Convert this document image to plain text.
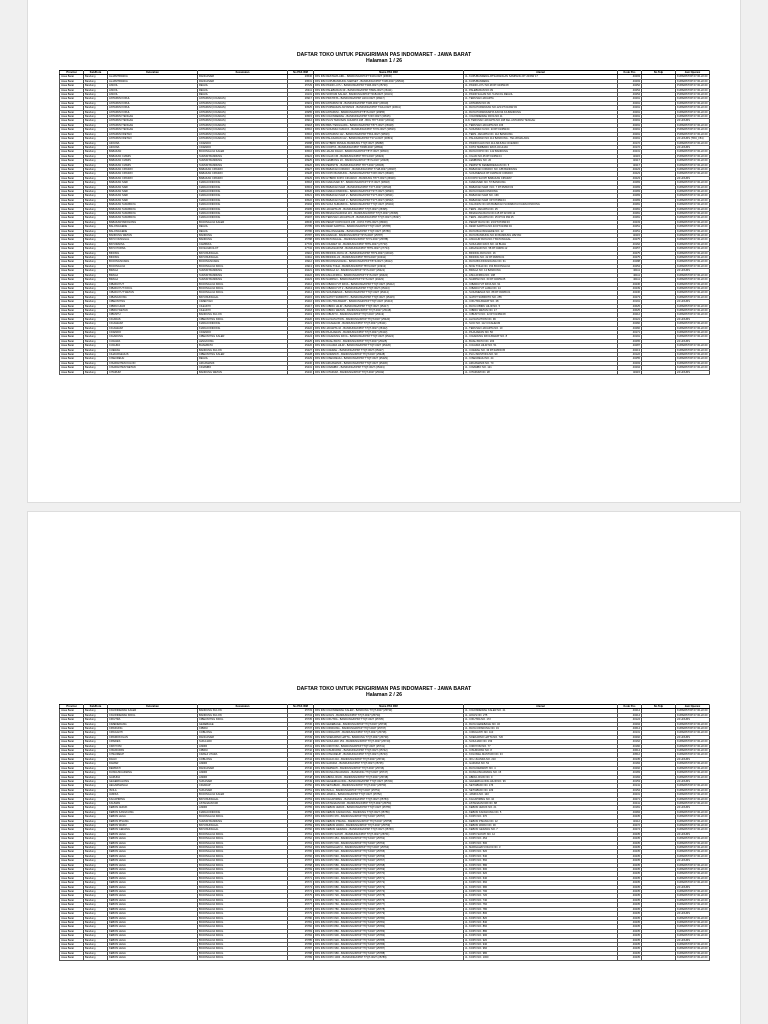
DAFTAR TOKO UNTUK PENGIRIMAN PAS INDOMARET - JAWA BARAT
Halaman 1 / 26
Provinsi	Kab/Kota	Kelurahan	Kecamatan	No PAS IDM	Nama PAS IDM	Alamat	Kode Pos	No Telp	Jam Operasi
Jawa Barat	Bandung	ALJAMTRASKA	RANCASARI	29530	PAS IDM RESTAMA AIRL - BANDUNG/KPKP T3109-0027 (29530)	JL. KUPUBANDENG-RTSARANGAN SAMPANG RT 20/RW 17	40293		KUPERSTOP 07.00-22.00
Jawa Barat	Bandung	ALJAMTRASKA	RANCASARI	29531	PAS IDM KUPUBANDUNG SARISET - BANDUNG/KPKP T31B-0027 (29530)	JL. KUPUBANDENG	40293		KUPERSTOP 07.00-22.00
Jawa Barat	Bandung	ANCOL	REGOL	25729	PAS IDM PASIR LUYU - BANDUNG/KPKP T31B-0027 (25729)	JL. PASIR LUYU NO.28 RT.04/RW.08	40252		PUPERSTOP 07.00-22.00
Jawa Barat	Bandung	ANCOL	REGOL	26411	PAS IDM PALEBURAN 39 - BANDUNG/KPKP T8WH-0027 (26411)	JL. PALEBURAN NO.39	40254		KUPERSTOP 07.00-22.00
Jawa Barat	Bandung	ANCOL	REGOL	19131	PAS IDM SORYAM SALAM - BANDUNG/KPKP T31B-0027 (19131)	JL. PASIR SALAM NO. 5 ANCOL REGOL	40254		PUPERSTOP 07.00-22.00
Jawa Barat	Bandung	ANTAPANI KIDUL	ANTAPANI (CICADAS)	26917	PAS IDM PRATISTA - BANDUNG/KPKP H1K3-0027 (26917)	JL. TERUSAN JAKARTA	40291		KUPERSTOP 07.00-22.00
Jawa Barat	Bandung	ANTAPANI KIDUL	ANTAPANI (CICADAS)	26919	PAS IDM ANTAPANI 39 - BANDUNG/KPKP T31B-0027 (26919)	JL. ANTAPANI NO.39	40291		KUPERSTOP 07.00-22.00
Jawa Barat	Bandung	ANTAPANI KIDUL	ANTAPANI (CICADAS)	30525	PAS IDM PURWAKAN ANTAPANI - BANDUNG/KPKP T3UH-0027 (23641)	JL. RAYA PURWAKAN NO.123 RT.01/RW.03	40291		KUPERSTOP 07.00-22.00
Jawa Barat	Bandung	ANTAPANI KIDUL	ANTAPANI (CICADAS)	26955	PAS IDM ANTAPANI - BANDUNG/KPKP T8YS-0027 (26955)	JL. RAYA PURWAKARTA KAV.94 KA BANDUNG	40291		KUPERSTOP 07.00-22.00
Jawa Barat	Bandung	ANTAPANI TENGAH	ANTAPANI (CICADAS)	30515	PAS IDM CIGONDEWAH - BANDUNG/KPKP T2DY-0027 (30515)	JL. CIGONDEWAH RAYA NO.11	40291		KUPERSTOP 07.00-22.00
Jawa Barat	Bandung	ANTAPANI TENGAH	ANTAPANI (CICADAS)	26912	PAS IDM PLUS TERUSAN JAKARTA 108 - BDG T8YT-0027 (26912)	JLN. TERUSAN JAKARTA NO.108 KEL ANTAPANI TENGAH	40291		24 HOURS
Jawa Barat	Bandung	ANTAPANI TENGAH	ANTAPANI (CICADAS)	26918	PAS IDM BIRU TENGGARA - BANDUNG/KPKP T8YT-0027 (26918)	JL. TERUSAN JAKARTA NO.106	40291		KUPERSTOP 07.00-22.00
Jawa Barat	Bandung	ANTAPANI TENGAH	ANTAPANI (CICADAS)	30516	PAS IDM SUKAMULYA/RAYA - BANDUNG/KPKP T3YN-0027 (30516)	JL. SUKAMULYA NO. 23 RT.01/RW.04	40291		PUPERSTOP 07.00-22.00
Jawa Barat	Bandung	ANTAPANI WETAN	ANTAPANI (CICADAS)	30516	PAS IDM ANTAPANI 112 - BANDUNG/KPKP T5K4-0027 (30516)	JL. TERS. JAKARTA NO. 112 BANDUNG	40291		PUPERSTOP 07.00-22.00
Jawa Barat	Bandung	ANTAPANI WETAN	ANTAPANI (CICADAS)	30519	PAS IDM PALASARAN 112 - BANDUNG/KPKP T3YH-0027 (30519)	JL. PALASARAN NO.112 BANDUNG - TELUKMALANG	40291		24 HOURS (TRU_F81)
Jawa Barat	Bandung	ARJUNA	CICENDO	25688	PAS IDM HYBRID PASKAL BANDUNG T7QT-0027 (25688)	JL. PASIR KALIKI NO.112 ARJUNA CICENDO	40172		KUPERSTOP 07.00-22.00
Jawa Barat	Bandung	ARJUNA	CICENDO	28694	PAS IDM CICIPTA - BANDUNG/KPKP TW3B-0027 (28694)	JL. KOTA TERBARU RAYA 34 HIJAU	40172		24 HOURS
Jawa Barat	Bandung	BABAKAN	BOJONGLOA KALER	30516	PAS IDM JALAN DAGO - BANDUNG/KPKP T8YT-0027 (30516)	JL. RAYA KOPO NO. 142 BANDUNG	40231		KUPERSTOP 07.00-22.00
Jawa Barat	Bandung	BABAKAN CIAMIS	SUMUR BANDUNG	26924	PAS IDM CILAKI 45 - BANDUNG/KPKP T8Y3-0027 (26924)	JL. CILAKI NO.45 RT.01/RW.04	40115		PUPERSTOP 07.00-22.00
Jawa Barat	Bandung	BABAKAN CIAMIS	SUMUR BANDUNG	26925	PAS IDM LEMBONG 20 - BANDUNG/KPKP T8YS-0027 (26925)	JL. LEMBONG NO. 20	40117		KUPERSTOP 07.00-22.00
Jawa Barat	Bandung	BABAKAN CIAMIS	SUMUR BANDUNG	26926	PAS IDM PERINTIS - BANDUNG/KPKP T8YT-0027 (26926)	JL. PERINTIS KEMERDEKAAN NO. 5	40117		KUPERSTOP 07.00-22.00
Jawa Barat	Bandung	BABAKAN CIPARAY	BABAKAN CIPARAY	26927	PAS IDM BABAKAN CIPARAY - BANDUNG/KPKP T7H8-0027 (26927)	JL. BABAKAN CIPARAY NO. 188 BANDUNG	40223		KUPERSTOP 07.00-22.00
Jawa Barat	Bandung	BABAKAN CIPARAY	BABAKAN CIPARAY	26928	PAS IDM KOPO BANDUNG - BANDUNG/KPKP T2RY-0027 (26928)	JL. SUKAMENAK RT.01/RW.03 CIPARAY	40223		KUPERSTOP 07.00-22.00
Jawa Barat	Bandung	BABAKAN CIPARAY	BABAKAN CIPARAY	26929	PAS IDM HYBRID KOPO CIKAWAO - BANDUNG T8YT-0027 (26929)	JLN KOPO SAYATI BABAKAN CIPARAY	40223		24 HOURS
Jawa Barat	Bandung	BABAKAN SARI	KIARACONDONG	30518	PAS IDM KIARASARI 57 - BANDUNG/KPKP T3YT-0027 (30518)	JL. KIARASARI NO. 57 BANDUNG	40283		KUPERSTOP 07.00-22.00
Jawa Barat	Bandung	BABAKAN SARI	KIARACONDONG	30519	PAS IDM BABAKAN SARI - BANDUNG/KPKP T3YT-0027 (30519)	JL. BABAKAN SARI I NO. 7 RT.05/RW.03	40283		KUPERSTOP 07.00-22.00
Jawa Barat	Bandung	BABAKAN SARI	KIARACONDONG	30520	PAS IDM KIARACONDONG - BANDUNG/KPKP T3YT-0027 (30520)	JL. RAYA KIARACONDONG	40283		KUPERSTOP 07.00-22.00
Jawa Barat	Bandung	BABAKAN SARI	KIARACONDONG	30521	PAS IDM BABAKAN SARI 2 - BANDUNG/KPKP T3YT-0027 (30521)	JL. BABAKAN SARI NO. 169	40283		KUPERSTOP 07.00-22.00
Jawa Barat	Bandung	BABAKAN SARI	KIARACONDONG	30522	PAS IDM BABAKAN SARI 3 - BANDUNG/KPKP T3YT-0027 (30522)	JL. BABAKAN SARI I RT.07/RW.04	40283		KUPERSTOP 07.00-22.00
Jawa Barat	Bandung	BABAKAN SURABAYA	KIARACONDONG	25394	PAS IDM SUKA SURABAYA - BANDUNG/KPKP T7QT-0027 (25394)	JL. KALIASIN NO.106 BABAKAN SURABAYA KIARACONDONG	40281		KUPERSTOP 07.00-22.00
Jawa Barat	Bandung	BABAKAN SURABAYA	KIARACONDONG	25395	PAS IDM JAKARTA 25 - BANDUNG/KPKP T7QT-0027 (25395)	JL. TERS. JAKARTA NO. 25	40281		KUPERSTOP 07.00-22.00
Jawa Barat	Bandung	BABAKAN SURABAYA	KIARACONDONG	25396	PAS IDM BINAGUNADONA 115 - BANDUNG/KPKP T7QT-0027 (25396)	JL. BINAGUNA RAYA NO.115 RT.02 RW.12	40281		KUPERSTOP 07.00-22.00
Jawa Barat	Bandung	BABAKAN SURABAYA	KIARACONDONG	25397	PAS IDM TERUSAN JAKARTA 25 - BANDUNG/KPKP T7QT-0027 (25397)	JL. TERS. JAKARTA NO. 25 RT.02 RW.15	40281		KUPERSTOP 07.00-22.00
Jawa Barat	Bandung	BABAKANTAROGONG	BOJONGLOA KALER	28630	PAS IDM PEDAT KOPO RAYA 135 - KOTA T3TN-0027 (28630)	JL. PEDAT RAYA NO. 23 RT.07/RW.03	40233		KUPERSTOP 07.00-22.00
Jawa Barat	Bandung	BALONGGEDE	REGOL	25785	PAS IDM DEWI SARTIKA - BANDUNG/KPKP T7QT-0027 (25785)	JL. DEWI SARTIKA NO.40 RT.01/RW.04	40251		KUPERSTOP 07.00-22.00
Jawa Barat	Bandung	BALONGGEDE	REGOL	25786	PAS IDM BALONGGEDE - BANDUNG/KPKP T7QT-0027 (25786)	JL. RAYA BALONGGEDE NO. 12	40251		KUPERSTOP 07.00-22.00
Jawa Barat	Bandung	BANDUNG WETAN	BANDUNG	25787	PAS IDM ANAKAR - BANDUNG/KPKP T3YS-0027 (25787)	JL. RAYA BANDUNG NO.30 BANDUNG WETAN	40115		KUPERSTOP 07.00-22.00
Jawa Barat	Bandung	BATU NUNGGAL	BANDUNG	25788	PAS IDM BATUNGGAL - BANDUNG/KPKP T3YS-0027 (25788)	JL. ANGGUR RAYA NO.7 BATUNGGAL	40275		KUPERSTOP 07.00-22.00
Jawa Barat	Bandung	BATURAKSA	CAMPAKA	27733	PAS IDM CIKARET 02 - BANDUNG/KPKP T8TN-0027 (27733)	JL. SUKAJADI RAYA NO. 44 BUAH	40162		KUPERSTOP 07.00-22.00
Jawa Barat	Bandung	BATU PURNA	DAYEUHKOLOT	27734	PAS IDM ARGASARI 58 - BANDUNG/KPKP T8TN-0027 (27734)	JL. ARGASARI NO. 58 RT.04/RW.12	40257		KUPERSTOP 07.00-22.00
Jawa Barat	Bandung	BINONG	BATUNUNGGAL	16910	PAS IDM BINONG RAYA 16 - BANDUNG/KPKP T8Y9-0027 (16910)	JL. BINONG RAYA NO. 16	40275		KUPERSTOP 07.00-22.00
Jawa Barat	Bandung	BINONG	BATUNUNGGAL	16911	PAS IDM BINONG 22 - BANDUNG/KPKP T8Y9-0027 (16911)	JL. BINONG NO. 22 RT.06/RW.01	40275		KUPERSTOP 07.00-22.00
Jawa Barat	Bandung	BOJONGSOANG	BOJONGSOANG	16912	PAS IDM BOJONGSOANG - BANDUNG/KPKP T8Y9-0027 (16912)	JL. RAYA BOJONGSOANG NO. 61	40288		KUPERSTOP 07.00-22.00
Jawa Barat	Bandung	BOJONGLOA	BOJONGLOA KIDUL	16913	PAS IDM MOH TOHA - BANDUNG/KPKP T8Y9-0027 (16913)	JL. MOH TOHA NO. 154 BOJONGLOA	40254		KUPERSTOP 07.00-22.00
Jawa Barat	Bandung	BRAGA	SUMUR BANDUNG	29421	PAS IDM BRAGA 12 - BANDUNG/KPKP T3YS-0027 (29421)	JL. BRAGA NO. 12 BANDUNG	40111		24 HOURS
Jawa Barat	Bandung	BRAGA	SUMUR BANDUNG	29422	PAS IDM ASIA AFRIKA - BANDUNG/KPKP T3YS-0027 (29422)	JL. ASIA AFRIKA NO. 108	40111		KUPERSTOP 07.00-22.00
Jawa Barat	Bandung	BRAGA	SUMUR BANDUNG	29423	PAS IDM NARIPAN - BANDUNG/KPKP T3YS-0027 (29423)	JL. NARIPAN NO. 60 RT.02/RW.05	40111		KUPERSTOP 07.00-22.00
Jawa Barat	Bandung	CIBADUYUT	BOJONGLOA KIDUL	25412	PAS IDM CIBADUYUT RAYA - BANDUNG/KPKP T7QT-0027 (25412)	JL. CIBADUYUT RAYA NO. 91	40236		KUPERSTOP 07.00-22.00
Jawa Barat	Bandung	CIBADUYUT KIDUL	BOJONGLOA KIDUL	25413	PAS IDM CIBADUYUT 2 - BANDUNG/KPKP T7QT-0027 (25413)	JL. CIBADUYUT LAMA NO. 14	40239		KUPERSTOP 07.00-22.00
Jawa Barat	Bandung	CIBADUYUT WETAN	BOJONGLOA KIDUL	25414	PAS IDM SUKAMENAK - BANDUNG/KPKP T7QT-0027 (25414)	JL. SUKAMENAK NO. 88 RT.03/RW.01	40236		KUPERSTOP 07.00-22.00
Jawa Barat	Bandung	CIBANGKONG	BATUNUNGGAL	25415	PAS IDM GATOT SUBROTO - BANDUNG/KPKP T7QT-0027 (25415)	JL. GATOT SUBROTO NO. 255	40273		KUPERSTOP 07.00-22.00
Jawa Barat	Bandung	CIBEUNYING	CIMENYAN	25416	PAS IDM CIKUTRA BARAT - BANDUNG/KPKP T7QT-0027 (25416)	JL. CIKUTRA BARAT NO. 28	40191		24 HOURS
Jawa Barat	Bandung	CIBIRU HILIR	CILEUNYI	25417	PAS IDM CIBIRU HILIR - BANDUNG/KPKP T7QT-0027 (25417)	JL. RAYA CIBIRU HILIR NO. 5	40625		KUPERSTOP 07.00-22.00
Jawa Barat	Bandung	CIBIRU WETAN	CILEUNYI	25418	PAS IDM CIBIRU WETAN - BANDUNG/KPKP T7QT-0027 (25418)	JL. CIBIRU WETAN NO. 17	40625		KUPERSTOP 07.00-22.00
Jawa Barat	Bandung	CIBUNTU	BANDUNG KULON	25419	PAS IDM CIBUNTU - BANDUNG/KPKP T7QT-0027 (25419)	JL. CIBUNTU NO. 22 RT.01/RW.08	40212		KUPERSTOP 07.00-22.00
Jawa Barat	Bandung	CICADAS	CIBEUNYING KIDUL	25420	PAS IDM AH NASUTION - BANDUNG/KPKP T7QT-0027 (25420)	JL. AH NASUTION NO. 99	40121		24 HOURS
Jawa Barat	Bandung	CICAHEUM	KIARACONDONG	25421	PAS IDM CICAHEUM - BANDUNG/KPKP T7QT-0027 (25421)	JL. SUCI NO. 112 CICAHEUM	40282		KUPERSTOP 07.00-22.00
Jawa Barat	Bandung	CICAHEUM	KIARACONDONG	25422	PAS IDM JAKARTA 10 - BANDUNG/KPKP T7QT-0027 (25422)	JL. TERUSAN JAKARTA NO. 10	40282		KUPERSTOP 07.00-22.00
Jawa Barat	Bandung	CICENDO	CICENDO	25423	PAS IDM PAJAJARAN - BANDUNG/KPKP T7QT-0027 (25423)	JL. PAJAJARAN NO. 56	40171		KUPERSTOP 07.00-22.00
Jawa Barat	Bandung	CIGADUNG	CIBEUNYING KALER	25424	PAS IDM CIGADUNG RAYA - BANDUNG/KPKP T7QT-0027 (25424)	JL. CIGADUNG RAYA BARAT NO. 8	40191		KUPERSTOP 07.00-22.00
Jawa Barat	Bandung	CIJAGRA	LENGKONG	25425	PAS IDM BUAH BATU - BANDUNG/KPKP T7QT-0027 (25425)	JL. BUAH BATU NO. 203	40265		24 HOURS
Jawa Barat	Bandung	CIJAURA	BUAHBATU	25426	PAS IDM CIJAURA HILIR - BANDUNG/KPKP T7QT-0027 (25426)	JL. CIJAURA HILIR NO. 51	40287		KUPERSTOP 07.00-22.00
Jawa Barat	Bandung	CIJERAH	BANDUNG KULON	25427	PAS IDM CIJERAH - BANDUNG/KPKP T7QT-0027 (25427)	JL. CIJERAH NO. 33 RT.02/RW.05	40213		KUPERSTOP 07.00-22.00
Jawa Barat	Bandung	CIHAURGEULIS	CIBEUNYING KALER	25428	PAS IDM SURAPATI - BANDUNG/KPKP T7QT-0027 (25428)	JL. PH H MUSTOFA NO. 90	40122		KUPERSTOP 07.00-22.00
Jawa Barat	Bandung	CISEUREUH	REGOL	25429	PAS IDM CISEUREUH - BANDUNG/KPKP T7QT-0027 (25429)	JL. CISEUREUH NO. 44	40255		KUPERSTOP 07.00-22.00
Jawa Barat	Bandung	CISARANTEN KULON	ARCAMANIK	25430	PAS IDM ARCAMANIK - BANDUNG/KPKP T7QT-0027 (25430)	JL. ARCAMANIK NO. 70	40293		KUPERSTOP 07.00-22.00
Jawa Barat	Bandung	CISARANTEN WETAN	CINAMBO	25431	PAS IDM CINAMBO - BANDUNG/KPKP T7QT-0027 (25431)	JL. CINAMBO NO. 121	40294		KUPERSTOP 07.00-22.00
Jawa Barat	Bandung	CITARUM	BANDUNG WETAN	25432	PAS IDM CITARUM - BANDUNG/KPKP T7QT-0027 (25432)	JL. CITARUM NO. 28	40115		24 HOURS
DAFTAR TOKO UNTUK PENGIRIMAN PAS INDOMARET - JAWA BARAT
Halaman 2 / 26
Provinsi	Kab/Kota	Kelurahan	Kecamatan	No PAS IDM	Nama PAS IDM	Alamat	Kode Pos	No Telp	Jam Operasi
Jawa Barat	Bandung	CIGONDEWAH KALER	BANDUNG KULON	25733	PAS IDM CIGONDEWAH KALER - BANDUNG T7QT-0027 (25733)	JL. CIGONDEWAH KALER NO. 41	40214		KUPERSTOP 07.00-22.00
Jawa Barat	Bandung	CIGONDEWAH KIDUL	BANDUNG KULON	25734	PAS IDM HOLIS - BANDUNG/KPKP T7QT-0027 (25734)	JL. HOLIS NO. 275	40214		KUPERSTOP 07.00-22.00
Jawa Barat	Bandung	CIKUTRA	CIBEUNYING KIDUL	25735	PAS IDM CIKUTRA - BANDUNG/KPKP T7QT-0027 (25735)	JL. CIKUTRA NO. 172	40124		24 HOURS
Jawa Barat	Bandung	CIMENERANG	GEDEBAGE	25736	PAS IDM GEDEBAGE - BANDUNG/KPKP T7QT-0027 (25736)	JL. RAYA GEDEBAGE NO. 32	40294		KUPERSTOP 07.00-22.00
Jawa Barat	Bandung	CIPADUNG	CIBIRU	25737	PAS IDM CIPADUNG - BANDUNG/KPKP T7QT-0027 (25737)	JL. RAYA CIPADUNG NO. 19	40614		KUPERSTOP 07.00-22.00
Jawa Barat	Bandung	CIPAGANTI	COBLONG	25738	PAS IDM CIPAGANTI - BANDUNG/KPKP T7QT-0027 (25738)	JL. CIPAGANTI NO. 110	40131		KUPERSTOP 07.00-22.00
Jawa Barat	Bandung	CIPAMOKOLAN	RANCASARI	25739	PAS IDM SOEKARNO HATTA - BANDUNG T7QT-0027 (25739)	JL. SOEKARNO HATTA NO. 720	40292		24 HOURS
Jawa Barat	Bandung	CIPEDES	SUKAJADI	25740	PAS IDM SUKAJADI 153 - BANDUNG/KPKP T7QT-0027 (25740)	JL. SUKAJADI NO. 153	40162		KUPERSTOP 07.00-22.00
Jawa Barat	Bandung	CIROYOM	ANDIR	25741	PAS IDM CIROYOM - BANDUNG/KPKP T7QT-0027 (25741)	JL. CIROYOM NO. 77	40182		KUPERSTOP 07.00-22.00
Jawa Barat	Bandung	CISURUPAN	CIBIRU	25742	PAS IDM CISURUPAN - BANDUNG/KPKP T7QT-0027 (25742)	JL. CISURUPAN NO. 8	40614		KUPERSTOP 07.00-22.00
Jawa Barat	Bandung	CITEUREUP	CIMAHI UTARA	25743	PAS IDM CITEUREUP - BANDUNG/KPKP T7QT-0027 (25743)	JL. KOLONEL MASTURI NO. 33	40512		KUPERSTOP 07.00-22.00
Jawa Barat	Bandung	DAGO	COBLONG	25744	PAS IDM DAGO 210 - BANDUNG/KPKP T7QT-0027 (25744)	JL. IR H JUANDA NO. 210	40135		24 HOURS
Jawa Barat	Bandung	DAMAR	ANDIR	25745	PAS IDM GARUDA - BANDUNG/KPKP T7QT-0027 (25745)	JL. GARUDA NO. 52	40184		KUPERSTOP 07.00-22.00
Jawa Barat	Bandung	DERWATI	RANCASARI	25746	PAS IDM DERWATI - BANDUNG/KPKP T7QT-0027 (25746)	JL. RAYA DERWATI NO. 4	40292		KUPERSTOP 07.00-22.00
Jawa Barat	Bandung	DUNGUSCARIANG	ANDIR	25747	PAS IDM DUNGUSCARIANG - BANDUNG T7QT-0027 (25747)	JL. DUNGUSCARIANG NO. 15	40183		KUPERSTOP 07.00-22.00
Jawa Barat	Bandung	GARUDA	ANDIR	25748	PAS IDM ABDUL RIVAI - BANDUNG/KPKP T7QT-0027 (25748)	JL. ABDUL RIVAI NO. 9	40184		KUPERSTOP 07.00-22.00
Jawa Barat	Bandung	GEGERKALONG	SUKASARI	25749	PAS IDM GEGERKALONG - BANDUNG/KPKP T7QT-0027 (25749)	JL. GEGERKALONG HILIR NO. 96	40153		24 HOURS
Jawa Barat	Bandung	HEGARMANAH	CIDADAP	25750	PAS IDM SETIABUDI - BANDUNG/KPKP T7QT-0027 (25750)	JL. SETIABUDI NO. 176	40141		KUPERSTOP 07.00-22.00
Jawa Barat	Bandung	ISOLA	SUKASARI	25751	PAS IDM ISOLA - BANDUNG/KPKP T7QT-0027 (25751)	JL. SETIABUDI NO. 229	40154		KUPERSTOP 07.00-22.00
Jawa Barat	Bandung	JAMIKA	BOJONGLOA KALER	25752	PAS IDM JAMIKA - BANDUNG/KPKP T7QT-0027 (25752)	JL. JAMIKA NO. 140	40231		KUPERSTOP 07.00-22.00
Jawa Barat	Bandung	KACAPIRING	BATUNUNGGAL	25753	PAS IDM KACAPIRING - BANDUNG/KPKP T7QT-0027 (25753)	JL. KACAPIRING NO. 10	40271		KUPERSTOP 07.00-22.00
Jawa Barat	Bandung	KAUMAN	ASTANAANYAR	25754	PAS IDM ASTANAANYAR - BANDUNG/KPKP T7QT-0027 (25754)	JL. ASTANAANYAR NO. 88	40241		KUPERSTOP 07.00-22.00
Jawa Barat	Bandung	KEBON JERUK	ANDIR	25755	PAS IDM KEBON JERUK - BANDUNG/KPKP T7QT-0027 (25755)	JL. KEBON JERUK NO. 21	40181		24 HOURS
Jawa Barat	Bandung	KEBON KANGKUNG	KIARACONDONG	25756	PAS IDM KEBON KANGKUNG - BANDUNG T7QT-0027 (25756)	JL. KEBON KANGKUNG NO. 5	40284		KUPERSTOP 07.00-22.00
Jawa Barat	Bandung	KEBON LEGA	BOJONGLOA KIDUL	25757	PAS IDM KOPO 370 - BANDUNG/KPKP T7QT-0027 (25757)	JL. KOPO NO. 370	40235		KUPERSTOP 07.00-22.00
Jawa Barat	Bandung	KEBON PISANG	SUMUR BANDUNG	25758	PAS IDM KEBON PISANG - BANDUNG/KPKP T7QT-0027 (25758)	JL. KEBON PISANG NO. 12	40112		KUPERSTOP 07.00-22.00
Jawa Barat	Bandung	KEBON WARU	BATUNUNGGAL	25759	PAS IDM KEBON WARU - BANDUNG/KPKP T7QT-0027 (25759)	JL. KEBON WARU NO. 30	40272		KUPERSTOP 07.00-22.00
Jawa Barat	Bandung	KEBON GEDANG	BATUNUNGGAL	25760	PAS IDM KEBON GEDANG - BANDUNG/KPKP T7QT-0027 (25760)	JL. KEBON GEDANG NO. 7	40274		KUPERSTOP 07.00-22.00
Jawa Barat	Bandung	KEBON LEGA	BOJONGLOA KIDUL	25761	PAS IDM KOPO SAYATI - BANDUNG/KPKP T7QT-0027 (25761)	JL. KOPO SAYATI NO. 12	40235		24 HOURS
Jawa Barat	Bandung	KEBON LEGA	BOJONGLOA KIDUL	25762	PAS IDM KOPO 454 - BANDUNG/KPKP T7QT-0027 (25762)	JL. KOPO NO. 454	40235		KUPERSTOP 07.00-22.00
Jawa Barat	Bandung	KEBON LEGA	BOJONGLOA KIDUL	25763	PAS IDM KOPO 500 - BANDUNG/KPKP T7QT-0027 (25763)	JL. KOPO NO. 500	40235		KUPERSTOP 07.00-22.00
Jawa Barat	Bandung	KEBON LEGA	BOJONGLOA KIDUL	25764	PAS IDM MARGAHAYU - BANDUNG/KPKP T7QT-0027 (25764)	JL. MARGAHAYU RAYA NO. 3	40235		KUPERSTOP 07.00-22.00
Jawa Barat	Bandung	KEBON LEGA	BOJONGLOA KIDUL	25765	PAS IDM KOPO 520 - BANDUNG/KPKP T7QT-0027 (25765)	JL. KOPO NO. 520	40235		KUPERSTOP 07.00-22.00
Jawa Barat	Bandung	KEBON LEGA	BOJONGLOA KIDUL	25766	PAS IDM KOPO 540 - BANDUNG/KPKP T7QT-0027 (25766)	JL. KOPO NO. 540	40235		KUPERSTOP 07.00-22.00
Jawa Barat	Bandung	KEBON LEGA	BOJONGLOA KIDUL	25767	PAS IDM KOPO 560 - BANDUNG/KPKP T7QT-0027 (25767)	JL. KOPO NO. 560	40235		24 HOURS
Jawa Barat	Bandung	KEBON LEGA	BOJONGLOA KIDUL	25768	PAS IDM KOPO 580 - BANDUNG/KPKP T7QT-0027 (25768)	JL. KOPO NO. 580	40235		KUPERSTOP 07.00-22.00
Jawa Barat	Bandung	KEBON LEGA	BOJONGLOA KIDUL	25769	PAS IDM KOPO 600 - BANDUNG/KPKP T7QT-0027 (25769)	JL. KOPO NO. 600	40235		KUPERSTOP 07.00-22.00
Jawa Barat	Bandung	KEBON LEGA	BOJONGLOA KIDUL	25770	PAS IDM KOPO 620 - BANDUNG/KPKP T7QT-0027 (25770)	JL. KOPO NO. 620	40235		KUPERSTOP 07.00-22.00
Jawa Barat	Bandung	KEBON LEGA	BOJONGLOA KIDUL	25771	PAS IDM KOPO 640 - BANDUNG/KPKP T7QT-0027 (25771)	JL. KOPO NO. 640	40235		KUPERSTOP 07.00-22.00
Jawa Barat	Bandung	KEBON LEGA	BOJONGLOA KIDUL	25772	PAS IDM KOPO 660 - BANDUNG/KPKP T7QT-0027 (25772)	JL. KOPO NO. 660	40235		KUPERSTOP 07.00-22.00
Jawa Barat	Bandung	KEBON LEGA	BOJONGLOA KIDUL	25773	PAS IDM KOPO 680 - BANDUNG/KPKP T7QT-0027 (25773)	JL. KOPO NO. 680	40235		24 HOURS
Jawa Barat	Bandung	KEBON LEGA	BOJONGLOA KIDUL	25774	PAS IDM KOPO 700 - BANDUNG/KPKP T7QT-0027 (25774)	JL. KOPO NO. 700	40235		KUPERSTOP 07.00-22.00
Jawa Barat	Bandung	KEBON LEGA	BOJONGLOA KIDUL	25775	PAS IDM KOPO 720 - BANDUNG/KPKP T7QT-0027 (25775)	JL. KOPO NO. 720	40235		KUPERSTOP 07.00-22.00
Jawa Barat	Bandung	KEBON LEGA	BOJONGLOA KIDUL	25776	PAS IDM KOPO 740 - BANDUNG/KPKP T7QT-0027 (25776)	JL. KOPO NO. 740	40235		KUPERSTOP 07.00-22.00
Jawa Barat	Bandung	KEBON LEGA	BOJONGLOA KIDUL	25777	PAS IDM KOPO 760 - BANDUNG/KPKP T7QT-0027 (25777)	JL. KOPO NO. 760	40235		KUPERSTOP 07.00-22.00
Jawa Barat	Bandung	KEBON LEGA	BOJONGLOA KIDUL	25778	PAS IDM KOPO 780 - BANDUNG/KPKP T7QT-0027 (25778)	JL. KOPO NO. 780	40235		KUPERSTOP 07.00-22.00
Jawa Barat	Bandung	KEBON LEGA	BOJONGLOA KIDUL	25779	PAS IDM KOPO 800 - BANDUNG/KPKP T7QT-0027 (25779)	JL. KOPO NO. 800	40235		24 HOURS
Jawa Barat	Bandung	KEBON LEGA	BOJONGLOA KIDUL	25780	PAS IDM KOPO 820 - BANDUNG/KPKP T7QT-0027 (25780)	JL. KOPO NO. 820	40235		KUPERSTOP 07.00-22.00
Jawa Barat	Bandung	KEBON LEGA	BOJONGLOA KIDUL	25781	PAS IDM KOPO 840 - BANDUNG/KPKP T7QT-0027 (25781)	JL. KOPO NO. 840	40235		KUPERSTOP 07.00-22.00
Jawa Barat	Bandung	KEBON LEGA	BOJONGLOA KIDUL	25782	PAS IDM KOPO 860 - BANDUNG/KPKP T7QT-0027 (25782)	JL. KOPO NO. 860	40235		KUPERSTOP 07.00-22.00
Jawa Barat	Bandung	KEBON LEGA	BOJONGLOA KIDUL	25783	PAS IDM KOPO 880 - BANDUNG/KPKP T7QT-0027 (25783)	JL. KOPO NO. 880	40235		KUPERSTOP 07.00-22.00
Jawa Barat	Bandung	KEBON LEGA	BOJONGLOA KIDUL	25784	PAS IDM KOPO 900 - BANDUNG/KPKP T7QT-0027 (25784)	JL. KOPO NO. 900	40235		KUPERSTOP 07.00-22.00
Jawa Barat	Bandung	KEBON LEGA	BOJONGLOA KIDUL	25785	PAS IDM KOPO 920 - BANDUNG/KPKP T7QT-0027 (25785)	JL. KOPO NO. 920	40235		24 HOURS
Jawa Barat	Bandung	KEBON LEGA	BOJONGLOA KIDUL	25786	PAS IDM KOPO 940 - BANDUNG/KPKP T7QT-0027 (25786)	JL. KOPO NO. 940	40235		KUPERSTOP 07.00-22.00
Jawa Barat	Bandung	KEBON LEGA	BOJONGLOA KIDUL	25787	PAS IDM KOPO 960 - BANDUNG/KPKP T7QT-0027 (25787)	JL. KOPO NO. 960	40235		KUPERSTOP 07.00-22.00
Jawa Barat	Bandung	KEBON LEGA	BOJONGLOA KIDUL	25788	PAS IDM KOPO 980 - BANDUNG/KPKP T7QT-0027 (25788)	JL. KOPO NO. 980	40235		KUPERSTOP 07.00-22.00
Jawa Barat	Bandung	KEBON LEGA	BOJONGLOA KIDUL	25789	PAS IDM KOPO 1000 - BANDUNG/KPKP T7QT-0027 (25789)	JL. KOPO NO. 1000	40235		KUPERSTOP 07.00-22.00
